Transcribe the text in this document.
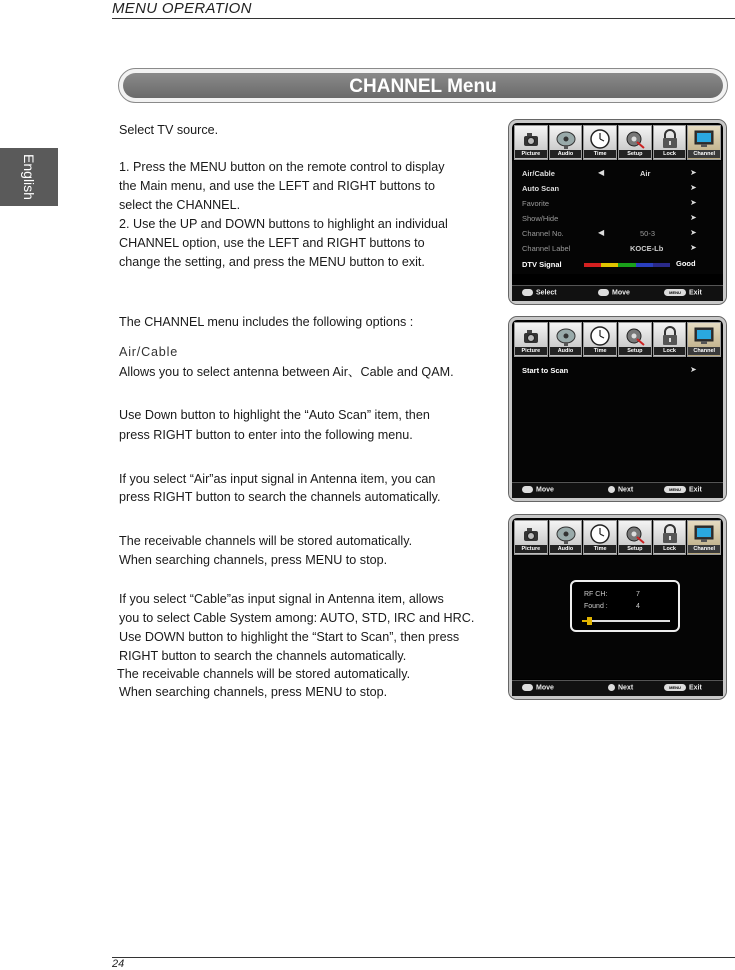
MENU OPERATION
English
CHANNEL Menu
Select TV source.
1. Press the MENU button on the remote control to display
the Main menu, and use the LEFT and RIGHT buttons to
select the CHANNEL.
2. Use the UP and DOWN buttons to highlight an individual
CHANNEL option, use the LEFT and RIGHT buttons to
change the setting, and press the MENU button to exit.
The CHANNEL menu includes the following options :
Air/Cable
Allows you to select antenna between Air、Cable and QAM.
Use Down button to highlight the “Auto Scan” item, then
press RIGHT button to enter into the following menu.
If you select “Air”as input signal in Antenna item, you can
press RIGHT button to search the channels automatically.
The receivable channels will be stored automatically.
When searching channels, press MENU to stop.
If you select “Cable”as input signal in Antenna item, allows
you to select Cable System among: AUTO, STD, IRC and HRC.
Use DOWN button to highlight the “Start to Scan”, then press
RIGHT button to search the channels automatically.
The receivable channels will be stored automatically.
When searching channels, press MENU to stop.
Picture	Audio	Time	Setup	Lock	Channel
Air/Cable	◀	Air	➤
Auto Scan	➤
Favorite	➤
Show/Hide	➤
Channel No.	◀	50-3	➤
Channel Label	KOCE-Lb	➤
DTV Signal	Good
Select	Move	MENU Exit
Picture	Audio	Time	Setup	Lock	Channel
Start to Scan	➤
Move	Next	MENU Exit
Picture	Audio	Time	Setup	Lock	Channel
RF CH:	7
Found :	4
Move	Next	MENU Exit
24
